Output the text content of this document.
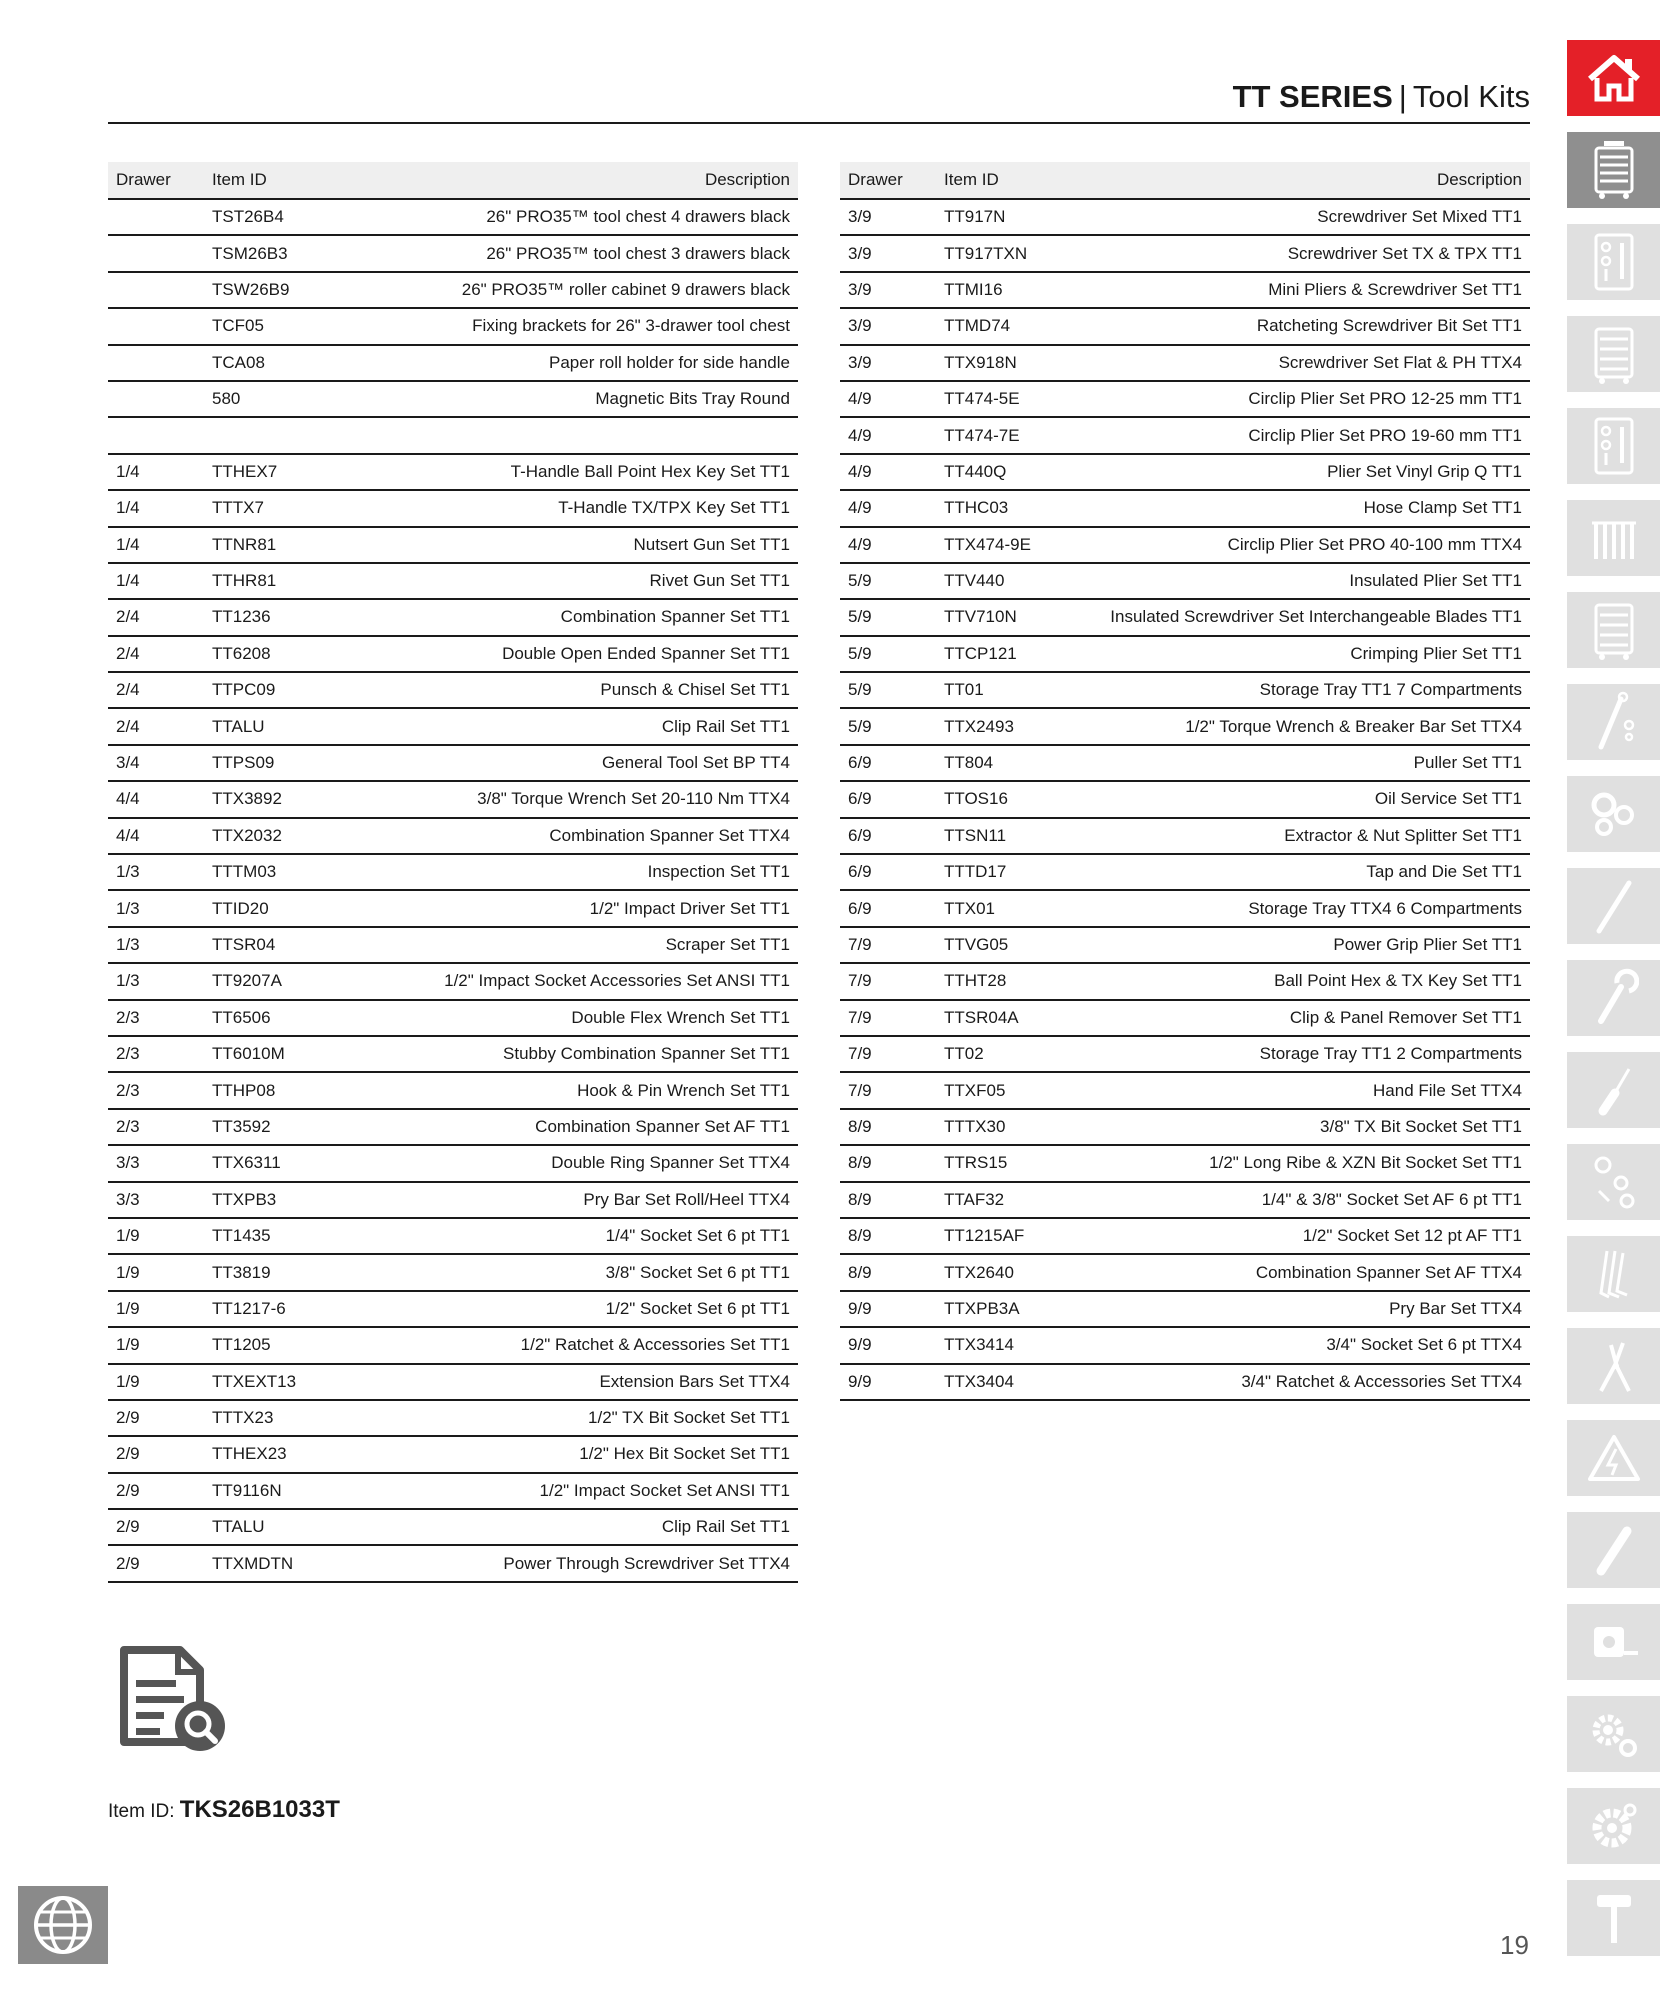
TT SERIES | Tool Kits
Drawer	Item ID	Description
	TST26B4	26" PRO35™ tool chest 4 drawers black
	TSM26B3	26" PRO35™ tool chest 3 drawers black
	TSW26B9	26" PRO35™ roller cabinet 9 drawers black
	TCF05	Fixing brackets for 26" 3-drawer tool chest
	TCA08	Paper roll holder for side handle
	580	Magnetic Bits Tray Round

1/4	TTHEX7	T-Handle Ball Point Hex Key Set TT1
1/4	TTTX7	T-Handle TX/TPX Key Set TT1
1/4	TTNR81	Nutsert Gun Set TT1
1/4	TTHR81	Rivet Gun Set TT1
2/4	TT1236	Combination Spanner Set TT1
2/4	TT6208	Double Open Ended Spanner Set TT1
2/4	TTPC09	Punsch & Chisel Set TT1
2/4	TTALU	Clip Rail Set TT1
3/4	TTPS09	General Tool Set BP TT4
4/4	TTX3892	3/8" Torque Wrench Set 20-110 Nm TTX4
4/4	TTX2032	Combination Spanner Set TTX4
1/3	TTTM03	Inspection Set TT1
1/3	TTID20	1/2" Impact Driver Set TT1
1/3	TTSR04	Scraper Set TT1
1/3	TT9207A	1/2" Impact Socket Accessories Set ANSI TT1
2/3	TT6506	Double Flex Wrench Set TT1
2/3	TT6010M	Stubby Combination Spanner Set TT1
2/3	TTHP08	Hook & Pin Wrench Set TT1
2/3	TT3592	Combination Spanner Set AF TT1
3/3	TTX6311	Double Ring Spanner Set TTX4
3/3	TTXPB3	Pry Bar Set Roll/Heel TTX4
1/9	TT1435	1/4" Socket Set 6 pt TT1
1/9	TT3819	3/8" Socket Set 6 pt TT1
1/9	TT1217-6	1/2" Socket Set 6 pt TT1
1/9	TT1205	1/2" Ratchet & Accessories Set TT1
1/9	TTXEXT13	Extension Bars Set TTX4
2/9	TTTX23	1/2" TX Bit Socket Set TT1
2/9	TTHEX23	1/2" Hex Bit Socket Set TT1
2/9	TT9116N	1/2" Impact Socket Set ANSI TT1
2/9	TTALU	Clip Rail Set TT1
2/9	TTXMDTN	Power Through Screwdriver Set TTX4
Drawer	Item ID	Description
3/9	TT917N	Screwdriver Set Mixed TT1
3/9	TT917TXN	Screwdriver Set TX & TPX TT1
3/9	TTMI16	Mini Pliers & Screwdriver Set TT1
3/9	TTMD74	Ratcheting Screwdriver Bit Set TT1
3/9	TTX918N	Screwdriver Set Flat & PH TTX4
4/9	TT474-5E	Circlip Plier Set PRO 12-25 mm TT1
4/9	TT474-7E	Circlip Plier Set PRO 19-60 mm TT1
4/9	TT440Q	Plier Set Vinyl Grip Q TT1
4/9	TTHC03	Hose Clamp Set TT1
4/9	TTX474-9E	Circlip Plier Set PRO 40-100 mm TTX4
5/9	TTV440	Insulated Plier Set TT1
5/9	TTV710N	Insulated Screwdriver Set Interchangeable Blades TT1
5/9	TTCP121	Crimping Plier Set TT1
5/9	TT01	Storage Tray TT1 7 Compartments
5/9	TTX2493	1/2" Torque Wrench & Breaker Bar Set TTX4
6/9	TT804	Puller Set TT1
6/9	TTOS16	Oil Service Set TT1
6/9	TTSN11	Extractor & Nut Splitter Set TT1
6/9	TTTD17	Tap and Die Set TT1
6/9	TTX01	Storage Tray TTX4 6 Compartments
7/9	TTVG05	Power Grip Plier Set TT1
7/9	TTHT28	Ball Point Hex & TX Key Set TT1
7/9	TTSR04A	Clip & Panel Remover Set TT1
7/9	TT02	Storage Tray TT1 2 Compartments
7/9	TTXF05	Hand File Set TTX4
8/9	TTTX30	3/8" TX Bit Socket Set TT1
8/9	TTRS15	1/2" Long Ribe & XZN Bit Socket Set TT1
8/9	TTAF32	1/4" & 3/8" Socket Set AF 6 pt TT1
8/9	TT1215AF	1/2" Socket Set 12 pt AF TT1
8/9	TTX2640	Combination Spanner Set AF TTX4
9/9	TTXPB3A	Pry Bar Set TTX4
9/9	TTX3414	3/4" Socket Set 6 pt TTX4
9/9	TTX3404	3/4" Ratchet & Accessories Set TTX4
Item ID: TKS26B1033T
19
